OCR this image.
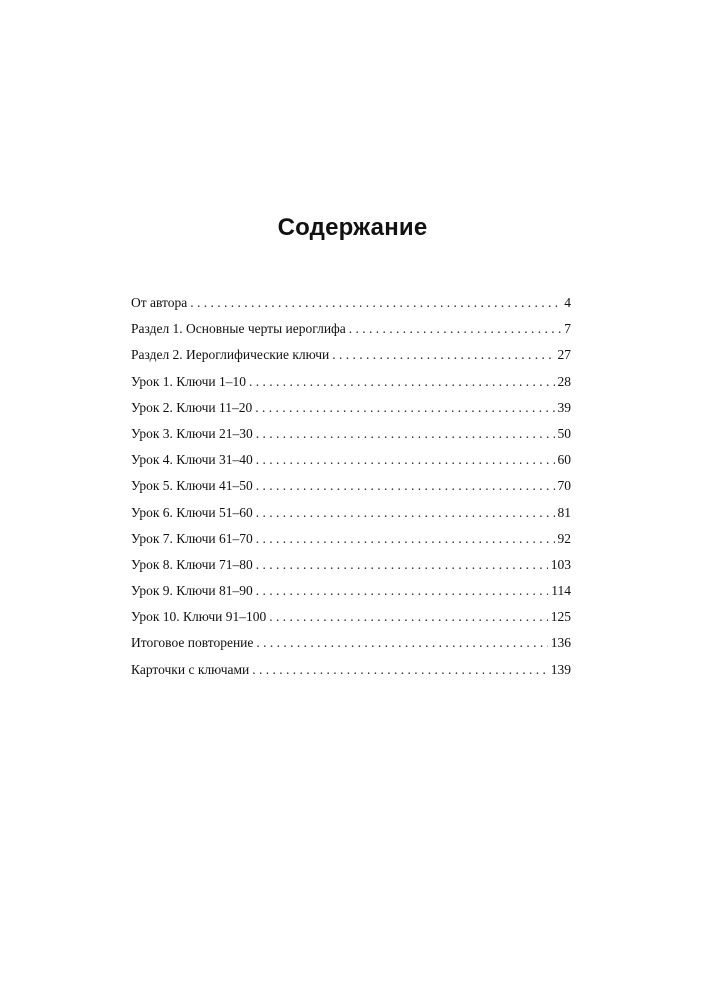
Содержание
От автора . . .	4
Раздел 1. Основные черты иероглифа . . .	7
Раздел 2. Иероглифические ключи . . .	27
Урок 1. Ключи 1–10 . . .	28
Урок 2. Ключи 11–20 . . .	39
Урок 3. Ключи 21–30 . . .	50
Урок 4. Ключи 31–40 . . .	60
Урок 5. Ключи 41–50 . . .	70
Урок 6. Ключи 51–60 . . .	81
Урок 7. Ключи 61–70 . . .	92
Урок 8. Ключи 71–80 . . .	103
Урок 9. Ключи 81–90 . . .	114
Урок 10. Ключи 91–100 . . .	125
Итоговое повторение . . .	136
Карточки с ключами . . .	139
